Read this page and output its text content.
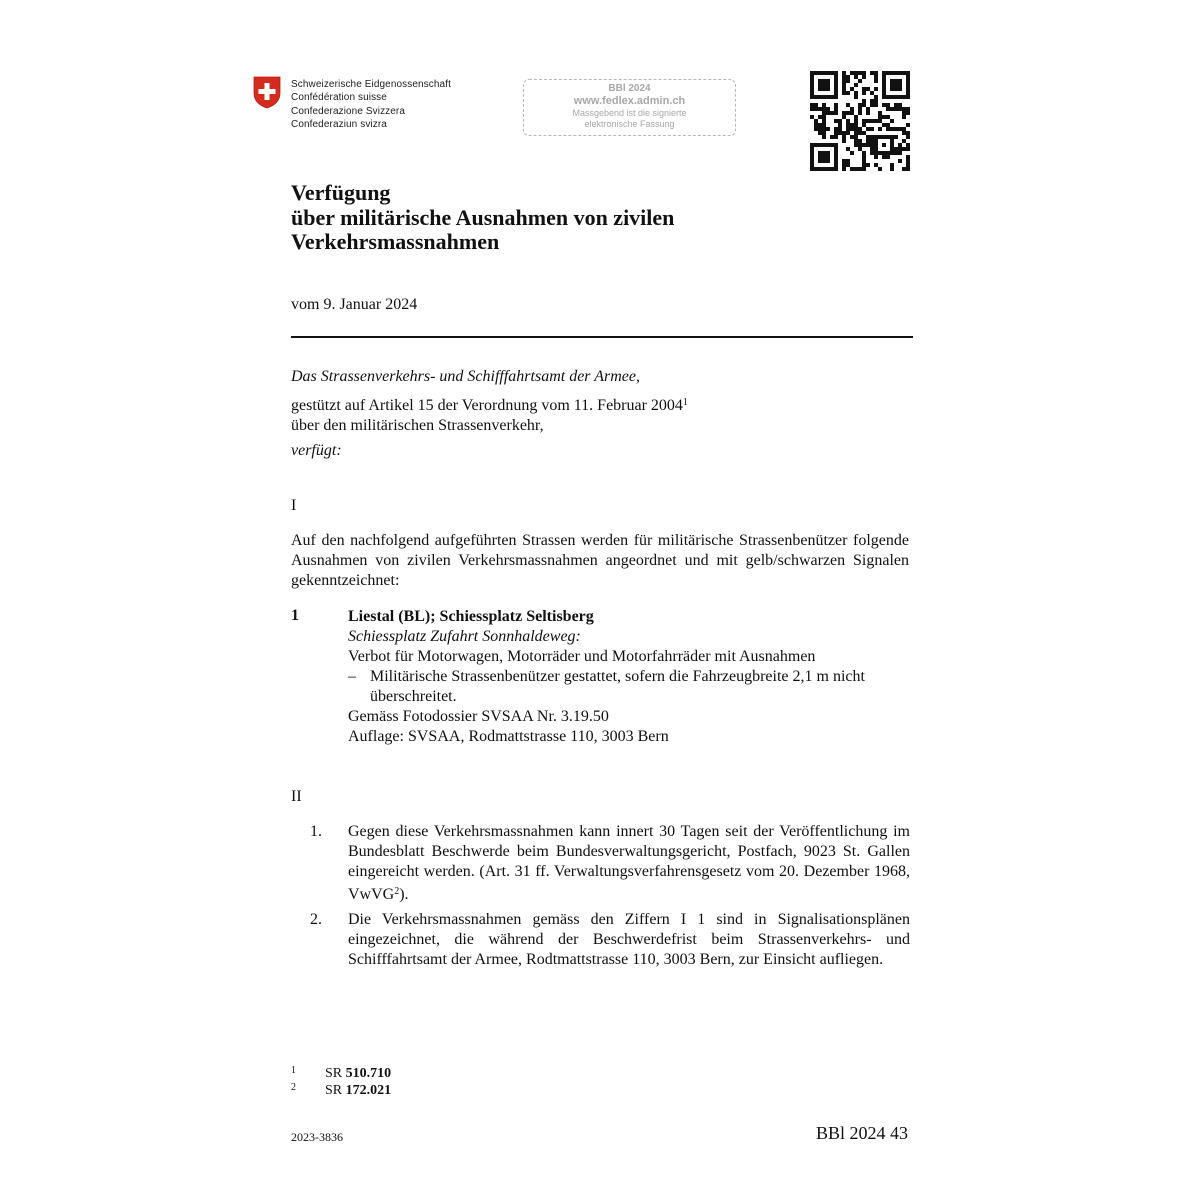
Schweizerische Eidgenossenschaft
Confédération suisse
Confederazione Svizzera
Confederaziun svizra
BBl 2024
www.fedlex.admin.ch
Massgebend ist die signierte
elektronische Fassung
Verfügung
über militärische Ausnahmen von zivilen
Verkehrsmassnahmen
vom 9. Januar 2024
Das Strassenverkehrs- und Schifffahrtsamt der Armee,
gestützt auf Artikel 15 der Verordnung vom 11. Februar 2004$^1$
über den militärischen Strassenverkehr,
verfügt:
I
Auf den nachfolgend aufgeführten Strassen werden für militärische Strassenbenützer folgende Ausnahmen von zivilen Verkehrsmassnahmen angeordnet und mit gelb/schwarzen Signalen gekenntzeichnet:
1	Liestal (BL); Schiessplatz Seltisberg
Schiessplatz Zufahrt Sonnhaldeweg:
Verbot für Motorwagen, Motorräder und Motorfahrräder mit Ausnahmen
– Militärische Strassenbenützer gestattet, sofern die Fahrzeugbreite 2,1 m nicht überschreitet.
Gemäss Fotodossier SVSAA Nr. 3.19.50
Auflage: SVSAA, Rodmattstrasse 110, 3003 Bern
II
1. Gegen diese Verkehrsmassnahmen kann innert 30 Tagen seit der Veröffentlichung im Bundesblatt Beschwerde beim Bundesverwaltungsgericht, Postfach, 9023 St. Gallen eingereicht werden. (Art. 31 ff. Verwaltungsverfahrensgesetz vom 20. Dezember 1968, VwVG$^2$).
2. Die Verkehrsmassnahmen gemäss den Ziffern I 1 sind in Signalisationsplänen eingezeichnet, die während der Beschwerdefrist beim Strassenverkehrs- und Schifffahrtsamt der Armee, Rodtmattstrasse 110, 3003 Bern, zur Einsicht aufliegen.
1 SR 510.710
2 SR 172.021
2023-3836	BBl 2024 43
